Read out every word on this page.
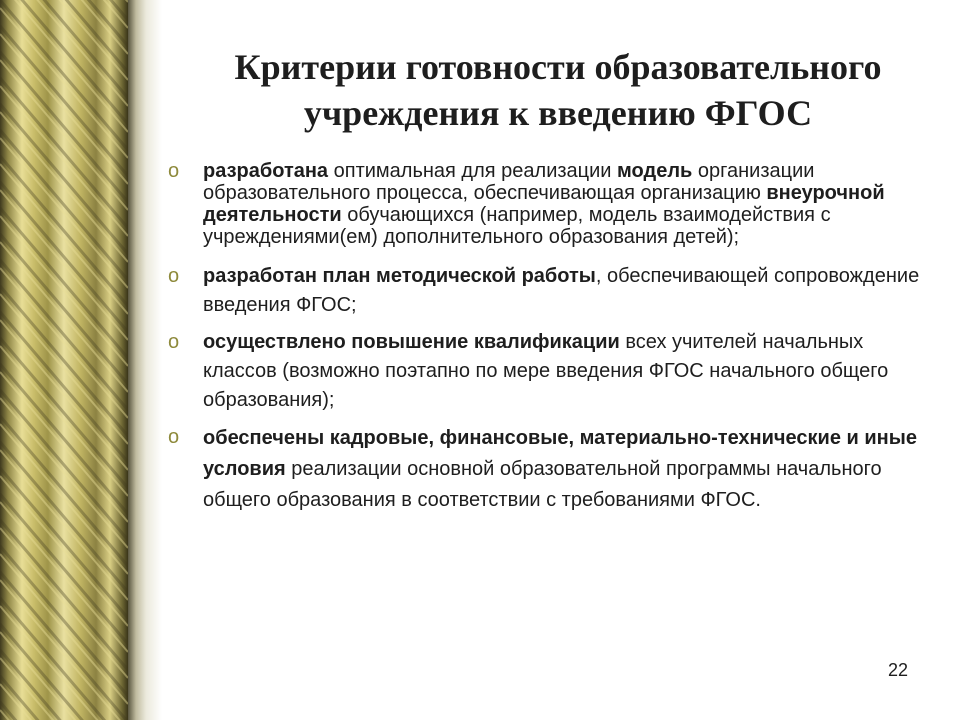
Критерии готовности образовательного
учреждения к введению ФГОС
o разработана оптимальная для реализации модель организации образовательного процесса, обеспечивающая организацию внеурочной деятельности обучающихся (например, модель взаимодействия с учреждениями(ем) дополнительного образования детей);
o разработан план методической работы, обеспечивающей сопровождение введения ФГОС;
o осуществлено повышение квалификации всех учителей начальных классов (возможно поэтапно по мере введения ФГОС начального общего образования);
o обеспечены кадровые, финансовые, материально-технические и иные условия реализации основной образовательной программы начального общего образования в соответствии с требованиями ФГОС.
22
